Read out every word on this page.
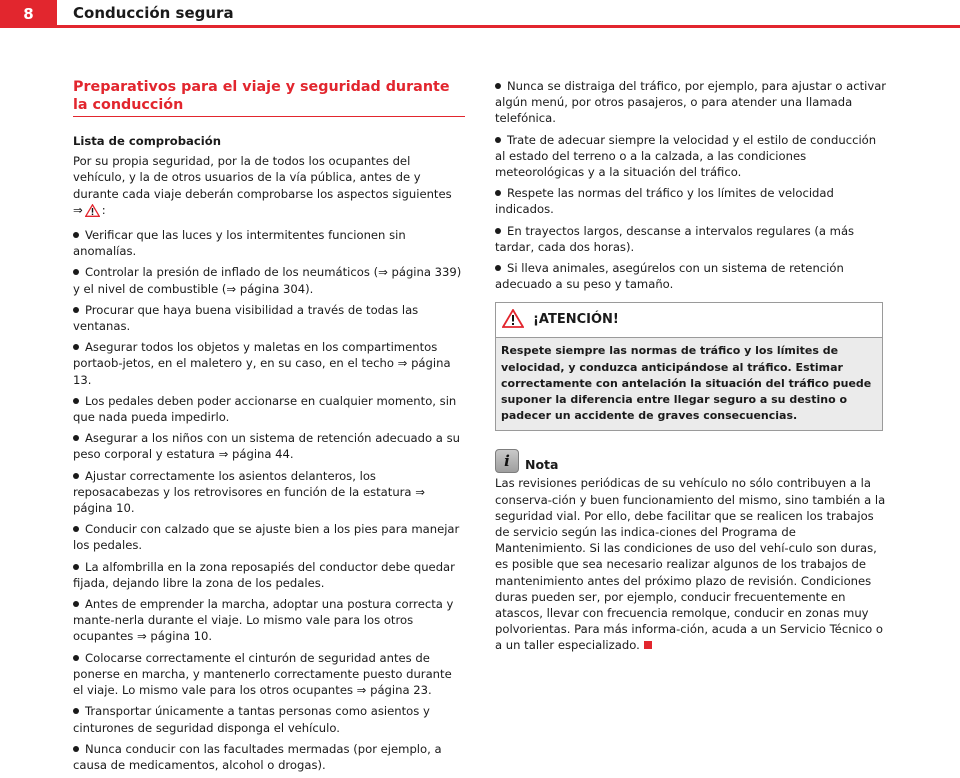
8	Conducción segura
Preparativos para el viaje y seguridad durante la conducción
Lista de comprobación

Por su propia seguridad, por la de todos los ocupantes del vehículo, y la de otros usuarios de la vía pública, antes de y durante cada viaje deberán comprobarse los aspectos siguientes ⇒ :

Verificar que las luces y los intermitentes funcionen sin anomalías.
Controlar la presión de inflado de los neumáticos (⇒ página 339) y el nivel de combustible (⇒ página 304).
Procurar que haya buena visibilidad a través de todas las ventanas.
Asegurar todos los objetos y maletas en los compartimentos portaob-jetos, en el maletero y, en su caso, en el techo ⇒ página 13.
Los pedales deben poder accionarse en cualquier momento, sin que nada pueda impedirlo.
Asegurar a los niños con un sistema de retención adecuado a su peso corporal y estatura ⇒ página 44.
Ajustar correctamente los asientos delanteros, los reposacabezas y los retrovisores en función de la estatura ⇒ página 10.
Conducir con calzado que se ajuste bien a los pies para manejar los pedales.
La alfombrilla en la zona reposapiés del conductor debe quedar fijada, dejando libre la zona de los pedales.
Antes de emprender la marcha, adoptar una postura correcta y mante-nerla durante el viaje. Lo mismo vale para los otros ocupantes ⇒ página 10.
Colocarse correctamente el cinturón de seguridad antes de ponerse en marcha, y mantenerlo correctamente puesto durante el viaje. Lo mismo vale para los otros ocupantes ⇒ página 23.
Transportar únicamente a tantas personas como asientos y cinturones de seguridad disponga el vehículo.
Nunca conducir con las facultades mermadas (por ejemplo, a causa de medicamentos, alcohol o drogas).
Nunca se distraiga del tráfico, por ejemplo, para ajustar o activar algún menú, por otros pasajeros, o para atender una llamada telefónica.
Trate de adecuar siempre la velocidad y el estilo de conducción al estado del terreno o a la calzada, a las condiciones meteorológicas y a la situación del tráfico.
Respete las normas del tráfico y los límites de velocidad indicados.
En trayectos largos, descanse a intervalos regulares (a más tardar, cada dos horas).
Si lleva animales, asegúrelos con un sistema de retención adecuado a su peso y tamaño.
¡ATENCIÓN!
Respete siempre las normas de tráfico y los límites de velocidad, y conduzca anticipándose al tráfico. Estimar correctamente con antelación la situación del tráfico puede suponer la diferencia entre llegar seguro a su destino o padecer un accidente de graves consecuencias.
i	Nota

Las revisiones periódicas de su vehículo no sólo contribuyen a la conserva-ción y buen funcionamiento del mismo, sino también a la seguridad vial. Por ello, debe facilitar que se realicen los trabajos de servicio según las indica-ciones del Programa de Mantenimiento. Si las condiciones de uso del vehí-culo son duras, es posible que sea necesario realizar algunos de los trabajos de mantenimiento antes del próximo plazo de revisión. Condiciones duras pueden ser, por ejemplo, conducir frecuentemente en atascos, llevar con frecuencia remolque, conducir en zonas muy polvorientas. Para más informa-ción, acuda a un Servicio Técnico o a un taller especializado.
